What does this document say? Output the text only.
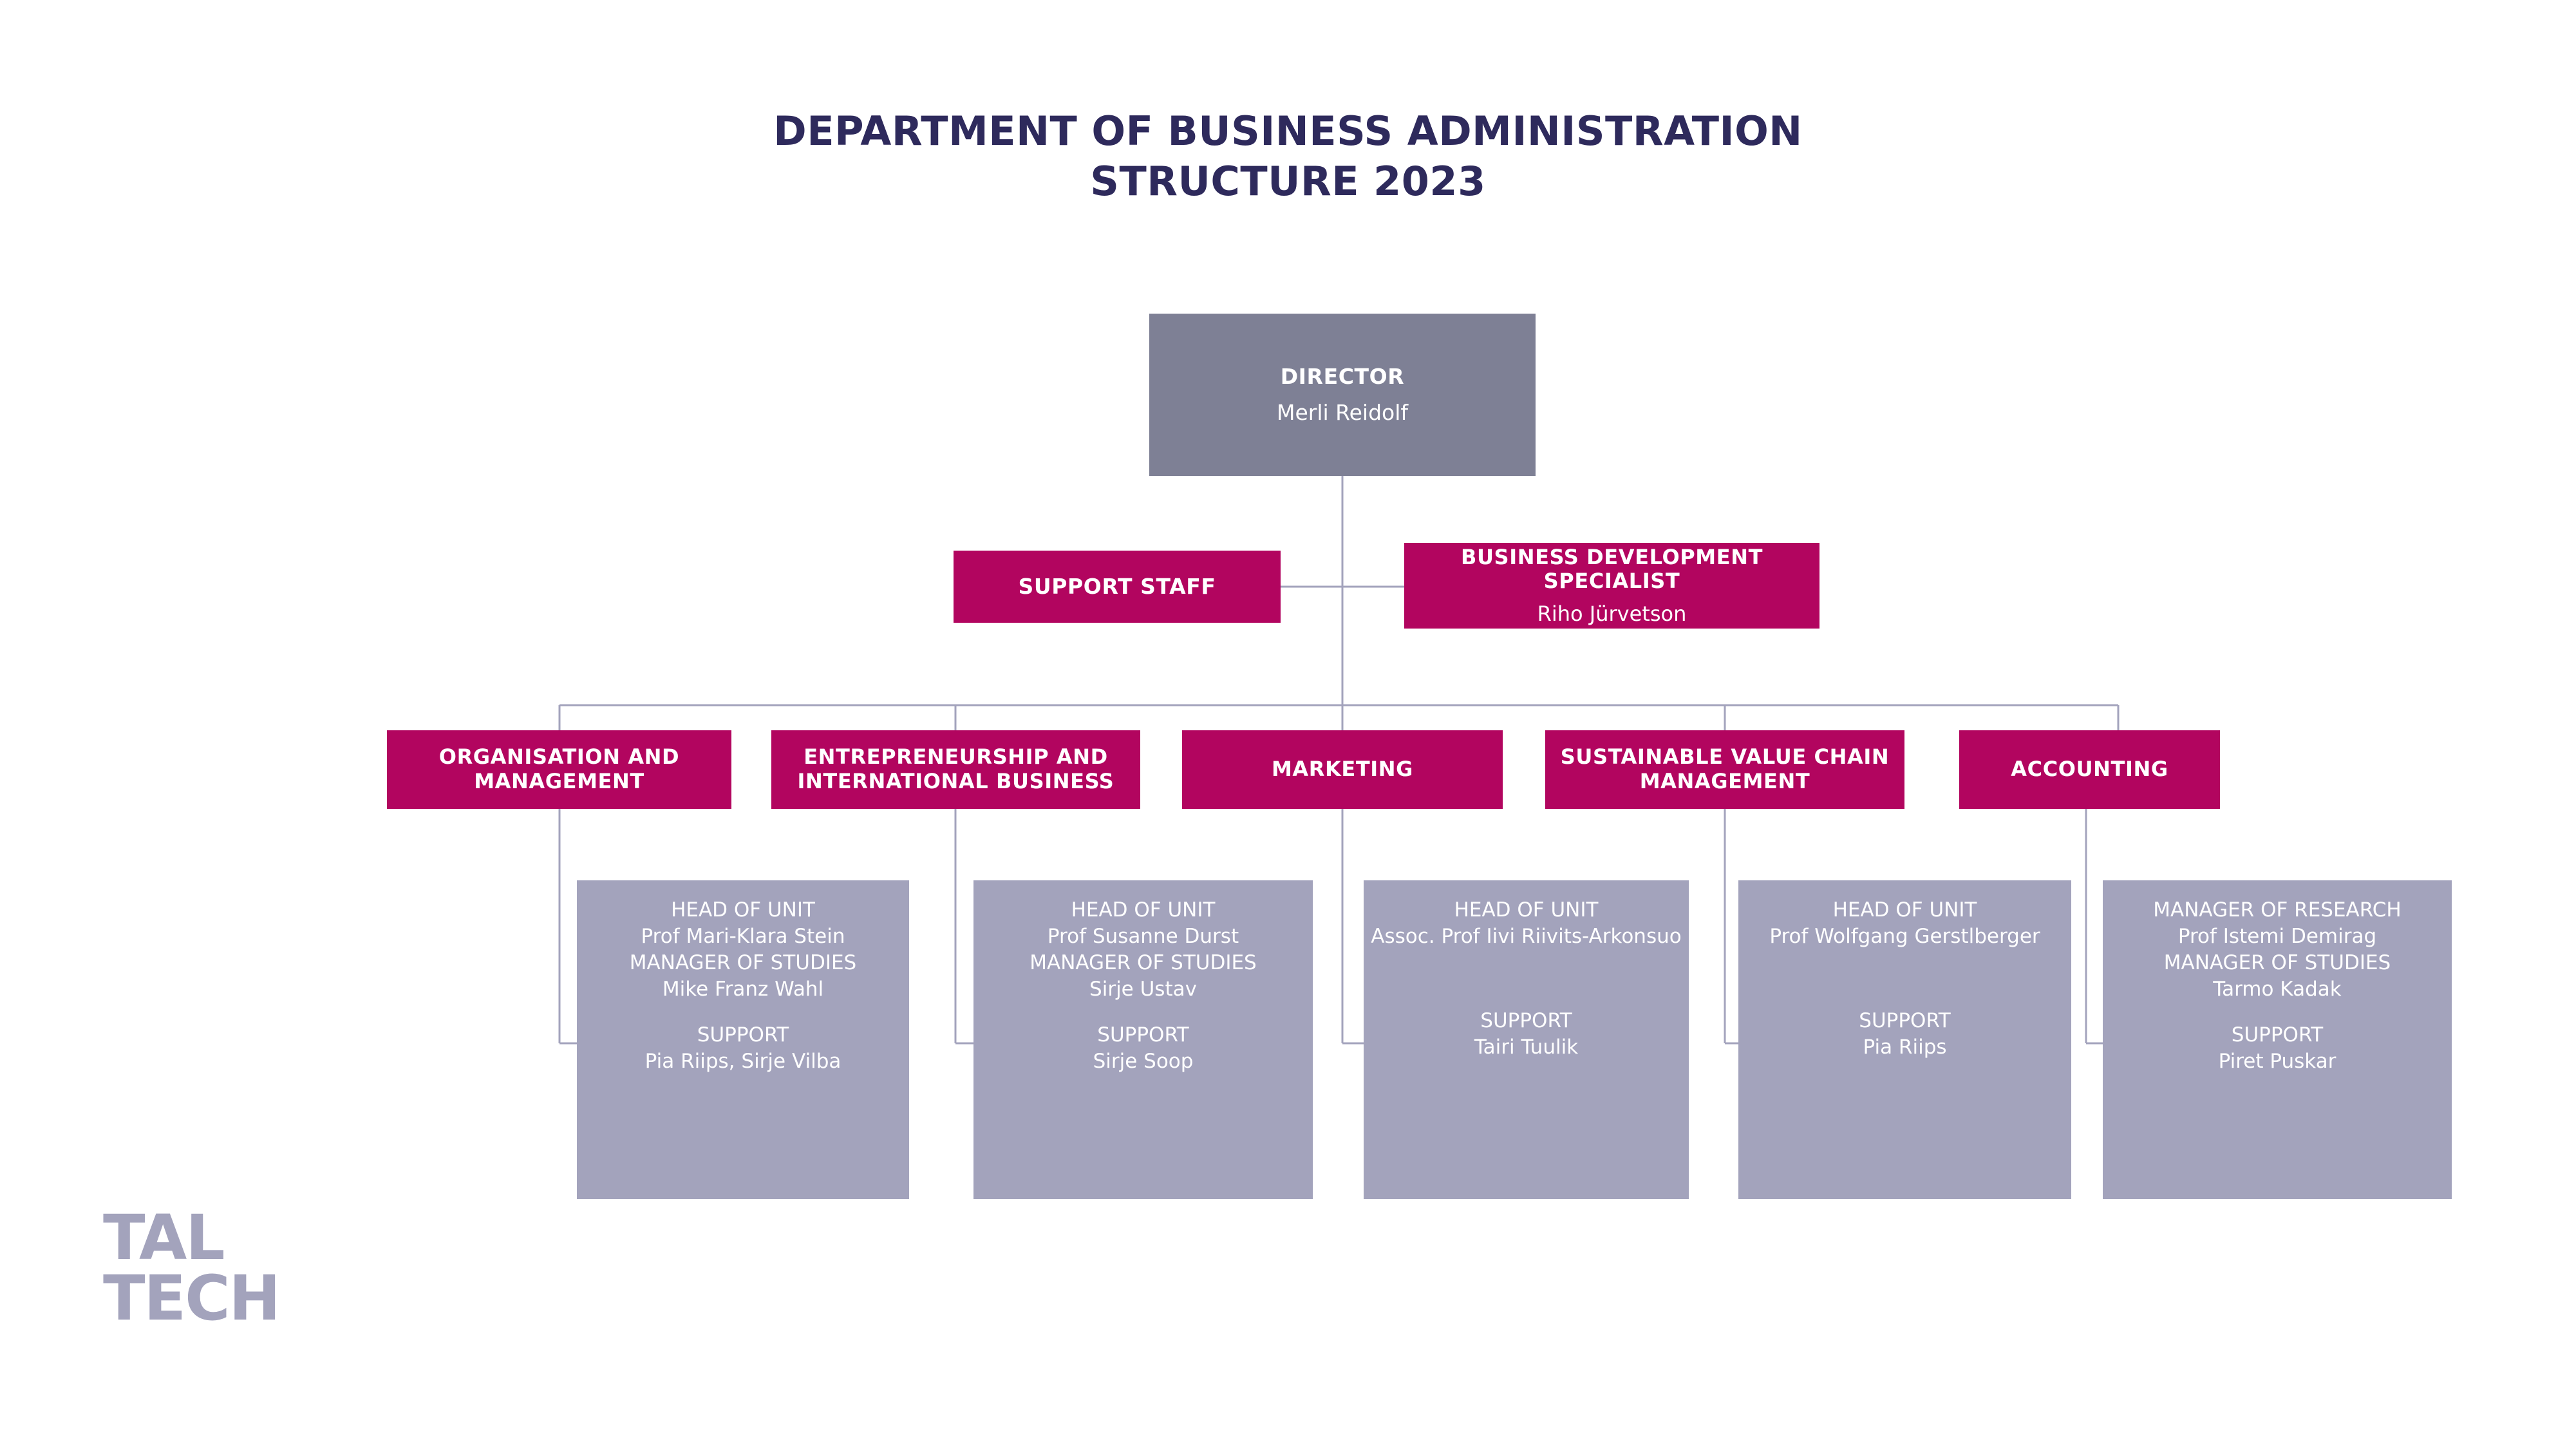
DEPARTMENT OF BUSINESS ADMINISTRATION
STRUCTURE 2023
DIRECTOR
Merli Reidolf
SUPPORT STAFF
BUSINESS DEVELOPMENT SPECIALIST
Riho Jürvetson
ORGANISATION AND MANAGEMENT
ENTREPRENEURSHIP AND INTERNATIONAL BUSINESS	MARKETING	SUSTAINABLE VALUE CHAIN MANAGEMENT	ACCOUNTING
HEAD OF UNIT
Prof Mari-Klara Stein
MANAGER OF STUDIES
Mike Franz Wahl
SUPPORT
Pia Riips, Sirje Vilba
HEAD OF UNIT
Prof Susanne Durst
MANAGER OF STUDIES
Sirje Ustav
SUPPORT
Sirje Soop
HEAD OF UNIT
Assoc. Prof Iivi Riivits-Arkonsuo
SUPPORT
Tairi Tuulik
HEAD OF UNIT
Prof Wolfgang Gerstlberger
SUPPORT
Pia Riips
MANAGER OF RESEARCH
Prof Istemi Demirag
MANAGER OF STUDIES
Tarmo Kadak
SUPPORT
Piret Puskar
TAL
TECH
